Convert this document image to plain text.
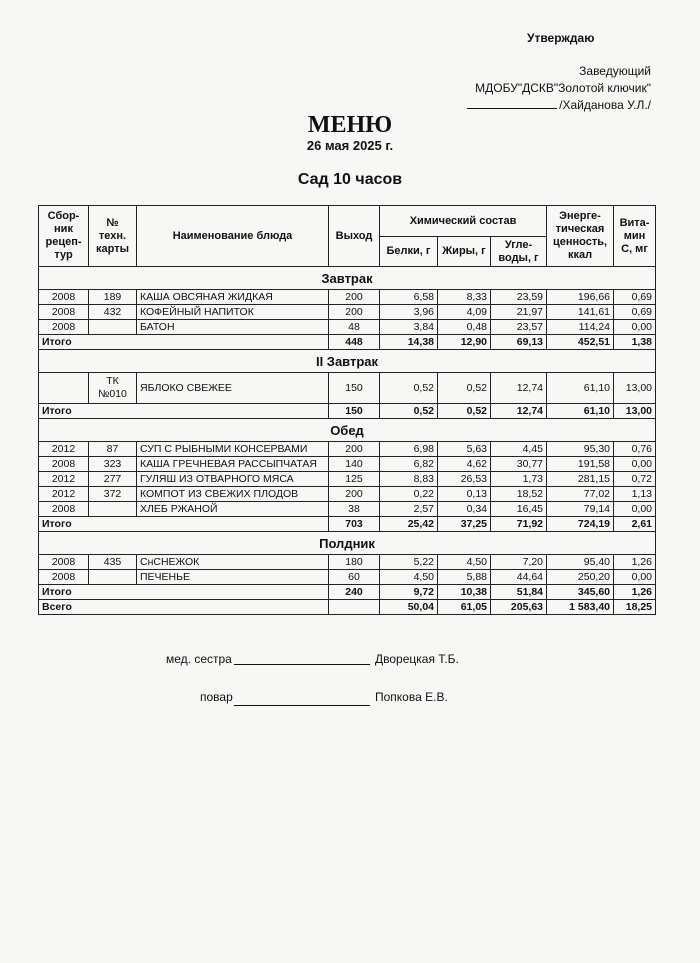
Утверждаю
Заведующий
МДОБУ"ДСКВ"Золотой ключик"
/Хайданова У.Л./
МЕНЮ
26 мая 2025 г.
Сад 10 часов
Сбор-ник рецеп-тур	№ техн. карты	Наименование блюда	Выход	Химический состав			Энерге-тическая ценность, ккал	Вита-мин С, мг
				Белки, г	Жиры, г	Угле-воды, г		
Завтрак								
2008	189	КАША ОВСЯНАЯ ЖИДКАЯ	200	6,58	8,33	23,59	196,66	0,69
2008	432	КОФЕЙНЫЙ НАПИТОК	200	3,96	4,09	21,97	141,61	0,69
2008		БАТОН	48	3,84	0,48	23,57	114,24	0,00
Итого			448	14,38	12,90	69,13	452,51	1,38
II Завтрак								
	ТК №010	ЯБЛОКО СВЕЖЕЕ	150	0,52	0,52	12,74	61,10	13,00
Итого			150	0,52	0,52	12,74	61,10	13,00
Обед								
2012	87	СУП С РЫБНЫМИ КОНСЕРВАМИ	200	6,98	5,63	4,45	95,30	0,76
2008	323	КАША ГРЕЧНЕВАЯ РАССЫПЧАТАЯ	140	6,82	4,62	30,77	191,58	0,00
2012	277	ГУЛЯШ ИЗ ОТВАРНОГО МЯСА	125	8,83	26,53	1,73	281,15	0,72
2012	372	КОМПОТ ИЗ СВЕЖИХ ПЛОДОВ	200	0,22	0,13	18,52	77,02	1,13
2008		ХЛЕБ РЖАНОЙ	38	2,57	0,34	16,45	79,14	0,00
Итого			703	25,42	37,25	71,92	724,19	2,61
Полдник								
2008	435	СнСНЕЖОК	180	5,22	4,50	7,20	95,40	1,26
2008		ПЕЧЕНЬЕ	60	4,50	5,88	44,64	250,20	0,00
Итого			240	9,72	10,38	51,84	345,60	1,26
Всего				50,04	61,05	205,63	1 583,40	18,25
мед. сестра	Дворецкая Т.Б.
повар	Попкова Е.В.
